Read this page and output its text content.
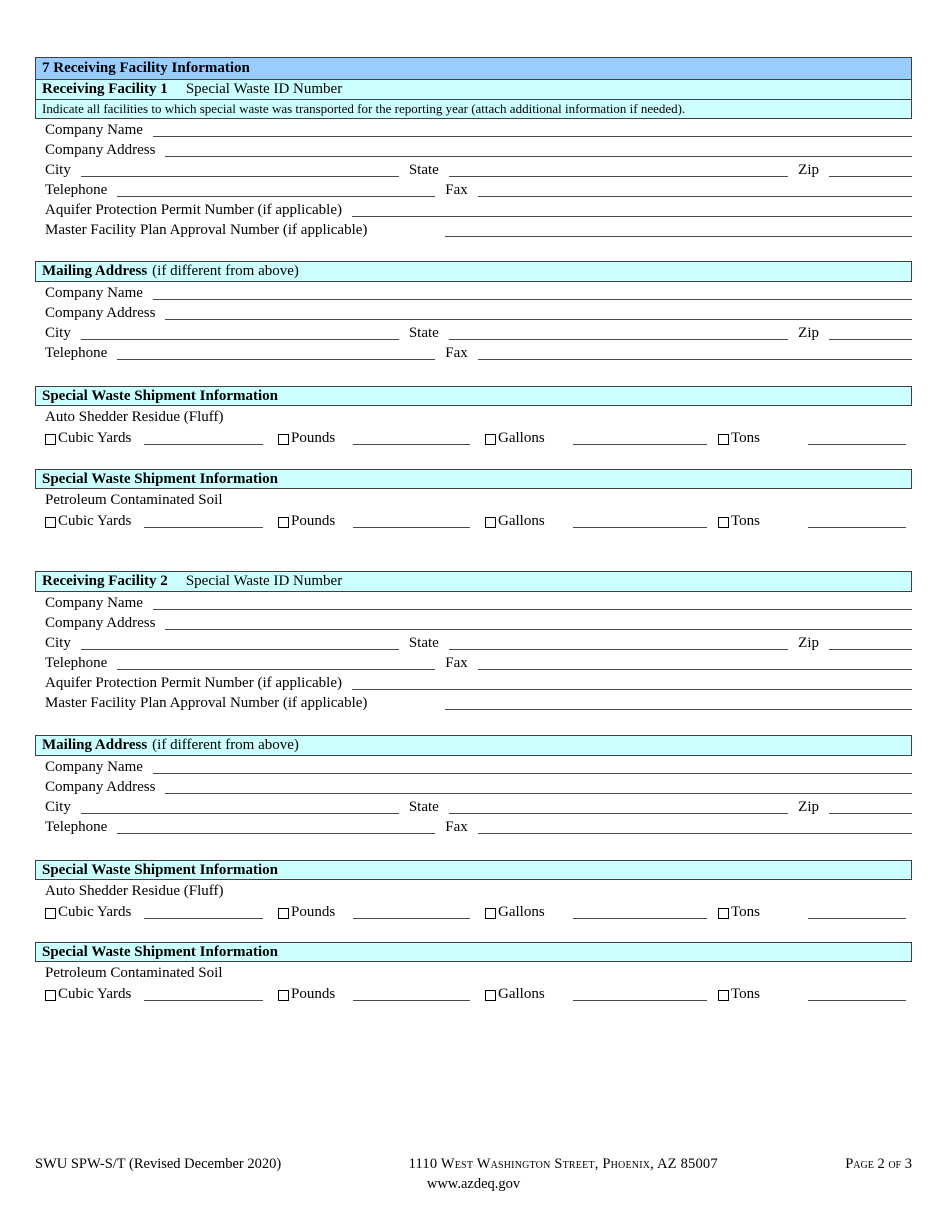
7 Receiving Facility Information
Receiving Facility 1 Special Waste ID Number
Indicate all facilities to which special waste was transported for the reporting year (attach additional information if needed).
Company Name
Company Address
City	State	Zip
Telephone	Fax
Aquifer Protection Permit Number (if applicable)
Master Facility Plan Approval Number (if applicable)
Mailing Address (if different from above)
Company Name
Company Address
City	State	Zip
Telephone	Fax
Special Waste Shipment Information
Auto Shedder Residue (Fluff)
Cubic Yards	Pounds	Gallons	Tons
Special Waste Shipment Information
Petroleum Contaminated Soil
Cubic Yards	Pounds	Gallons	Tons
Receiving Facility 2 Special Waste ID Number
Company Name
Company Address
City	State	Zip
Telephone	Fax
Aquifer Protection Permit Number (if applicable)
Master Facility Plan Approval Number (if applicable)
Mailing Address (if different from above)
Company Name
Company Address
City	State	Zip
Telephone	Fax
Special Waste Shipment Information
Auto Shedder Residue (Fluff)
Cubic Yards	Pounds	Gallons	Tons
Special Waste Shipment Information
Petroleum Contaminated Soil
Cubic Yards	Pounds	Gallons	Tons
SWU SPW-S/T (Revised December 2020)	1110 West Washington Street, Phoenix, AZ 85007	Page 2 of 3
www.azdeq.gov
